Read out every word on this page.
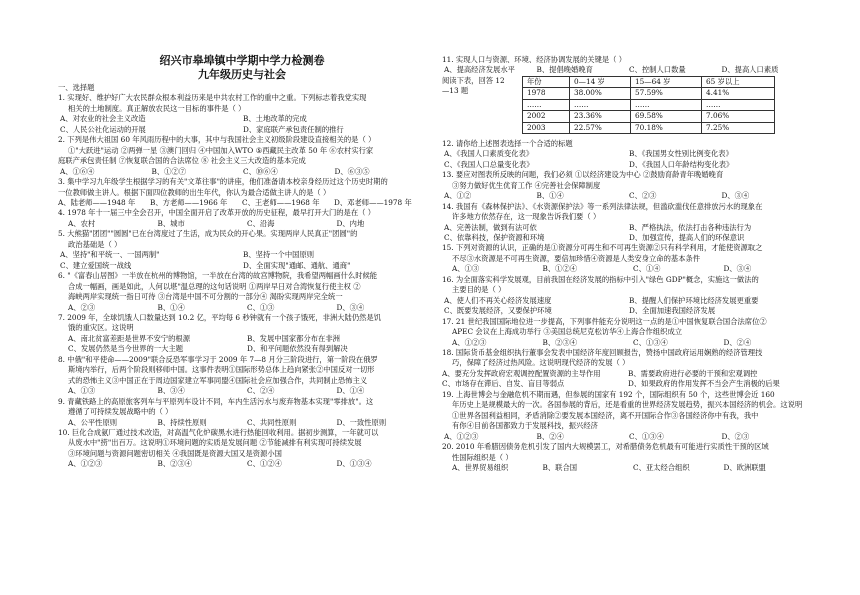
绍兴市皋埠镇中学期中学力检测卷
九年级历史与社会
一、选择题
1. 实现好、维护好广大农民群众根本利益历来是中共农村工作的重中之重。下列标志着我党实现
相关的土地制度。真正解放农民这一目标的事件是（ ）
A、对农业的社会主义改造	B、土地改革的完成
C、人民公社化运动的开展	D、家庭联产承包责任制的推行
2. 下列是伟大祖国 60 年风雨历程中的大事，其中与我国社会主义初级阶段建设直接相关的是（ ）
①"大跃进"运动 ②两弹一星 ③澳门回归 ④中国加入WTO ⑤西藏民主改革 50 年 ⑥农村实行家
庭联产承包责任制 ⑦恢复联合国的合法席位 ⑧ 社会主义三大改造的基本完成
A、①⑥④	B、①②⑦	C、⑩⑥④	D、⑥③⑤
3. 集中学习九年级学生根据学习的有关"文革往事"的讲座，他们准备请本校亲身经历过这个历史时期的
一位教师做主讲人。根据下面四位教师的出生年代，你认为最合适做主讲人的是（ ）
A、陆老师——1948 年	B、方老师——1966 年	C、王老师——1968 年	D、邓老师——1978 年
4. 1978 年十一届三中全会召开，中国全面开启了改革开放的历史征程，最早打开大门的是在（ ）
A、农村	B、城市	C、沿海	D、内地
5. 大熊猫"团团""圆圆"已在台湾度过了生活，成为民众的开心果。实现两岸人民真正"团圆"的
政治基础是（ ）
A、坚持"和平统一、一国两制"	B、坚持一个中国原则
C、建立爱国统一战线	D、全面实现"通邮、通航、通商"
6. "《富春山居图》一半放在杭州的博物馆，一半放在台湾的故宫博物院，我希望两幅画什么时候能
合成一幅画，画是如此，人何以堪"温总理的这句话说明 ①两岸早日对合湾恢复行使主权 ②
海峡两岸实现统一指日可待 ③台湾是中国不可分割的一部分④ 渴盼实现两岸完全统一
A、②③	B、①④	C、①③	D、③④
7. 2009 年，全球饥饿人口数量达到 10.2 亿，平均每 6 秒钟就有一个孩子饿死，非洲大陆仍然是饥
饿的重灾区。这说明
A、南北贫富差距是世界不安宁的根源	B、发展中国家都分布在非洲
C、发展仍然是当今世界的一大主题	D、和平问题依然没有得到解决
8. 中俄"和平使命——2009"联合反恐军事学习于 2009 年 7—8 月分三阶段进行，第一阶段在俄罗
斯境内举行，后两个阶段则移师中国。这事件表明①国际形势总体上趋向紧张②中国反对一切形
式的恐怖主义③中国正在于周边国家建立军事同盟④国际社会应加强合作，共同制止恐怖主义
A、①③	B、③④	C、②④	D、①④
9. 青藏铁路上的高原旅客列车与平原列车设计不同，车内生活污水与废弃物基本实现"零排放"。这
遵循了可持续发展战略中的（ ）
A、公平性原则	B、持续性原则	C、共同性原则	D、一致性原则
10. 巨化合成氨厂通过技术改造，对高温气化炉碳黑水进行热能回收利用。据初步测算，一年就可以
从废水中"捞"出百万。这说明①环境问题的实质是发展问题 ②节能减排有利实现可持续发展
③环境问题与资源问题密切相关 ④我国既是资源大国又是资源小国
A、①②③	B、②③④	C、①②④	D、①③④
11. 实现人口与资源、环境、经济协调发展的关键是（ ）
A、提高经济发展水平	B、提倡晚婚晚育	C、控制人口数量	D、提高人口素质
阅读下表，回答 12
—13 题
年份	0—14 岁	15—64 岁	65 岁以上
1978	38.00%	57.59%	4.41%
……	……	……	……
2002	23.36%	69.58%	7.06%
2003	22.57%	70.18%	7.25%
12. 请你给上述图表选择一个合适的标题
A、《我国人口素质变化表》	B、《我国男女性别比例变化表》
C、《我国人口总量变化表》	D、《我国人口年龄结构变化表》
13. 要应对图表所反映的问题，我们必须 ①以经济建设为中心 ②鼓励育龄青年晚婚晚育
③努力做好优生优育工作 ④完善社会保障制度
A、①②	B、①④	C、②③	D、③④
14. 我国有《森林保护法》、《水资源保护法》等一系列法律法规，但滥砍滥伐任意排放污水的现象在
许多地方依然存在，这一现象告诉我们要（ ）
A、完善法制，做到有法可依	B、严格执法，依法打击各种违法行为
C、依靠科技，保护资源和环境	D、加强宣传，提高人们的环保意识
15. 下列对资源的认识，正确的是①资源分可再生和不可再生资源②只有科学利用，才能使资源取之
不尽③水资源是不可再生资源，要倍加珍惜④资源是人类安身立命的基本条件
A、①③	B、①②④	C、①④	D、③④
16. 为全面落实科学发展观，目前我国在经济发展的指标中引入"绿色 GDP"概念，实施这一做法的
主要目的是（ ）
A、使人们不再关心经济发展速度	B、提醒人们保护环境比经济发展更重要
C、既要发展经济，又要保护环境	D、全面加速我国经济发展
17. 21 世纪我国国际地位进一步提高，下列事件能充分说明这一点的是①中国恢复联合国合法席位②
APEC 会议在上海成功举行 ③美国总统尼克松访华④上海合作组织成立
A、①②③	B、②③④	C、①③④	D、②④
18. 国际货币基金组织执行董事会发表中国经济年度回顾报告，赞扬中国政府运用娴熟的经济管理技
巧，保障了经济过热风险。这说明现代经济的发展（ ）
A、要充分发挥政府宏观调控配置资源的主导作用	B、需要政府进行必要的干预和宏观调控
C、市场存在滞后、自发、盲目等弱点	D、如果政府的作用发挥不当会产生消极的后果
19. 上海世博会与金融危机不期而遇，但参展的国家有 192 个，国际组织有 50 个，这些世博会近 160
年历史上是规模最大的一次。各国参展的背后，还是看重的世界经济发展趋势，振兴本国经济的机会。这说明
①世界各国利益相同，矛盾消除②要发展本国经济，离不开国际合作③各国经济你中有我，我中
有你④目前各国都致力于发展科技，振兴经济
A、①②③	B、②④	C、①③④	D、②③
20. 2010 年希腊因债务危机引发了国内大规模罢工，对希腊债务危机最有可能进行实质性干预的区域
性国际组织是（ ）
A、世界贸易组织	B、联合国	C、亚太经合组织	D、欧洲联盟
